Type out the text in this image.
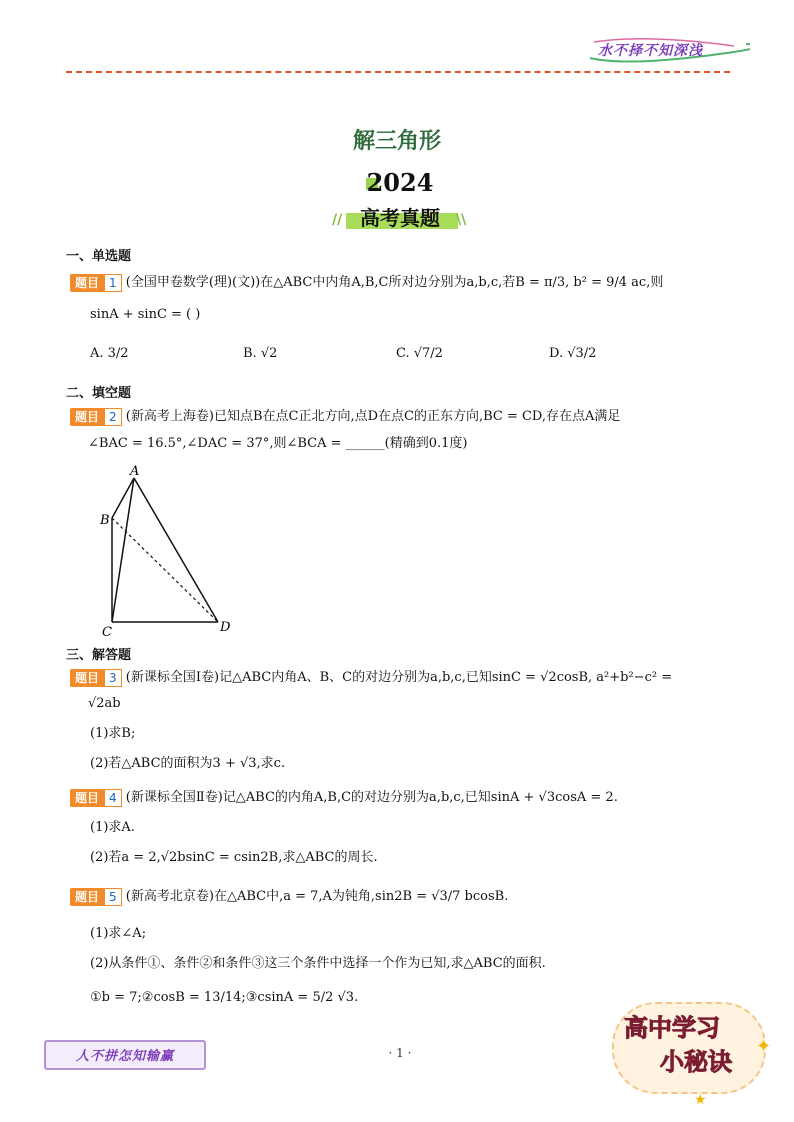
水不择不知深浅
解三角形
2024
// 高考真题	\\
一、单选题
题目 1 (全国甲卷数学(理)(文))在△ABC中内角A,B,C所对边分别为a,b,c,若B = π/3, b² = 9/4 ac,则
sinA + sinC = ( )
A. 3/2	B. √2	C. √7/2	D. √3/2
二、填空题
题目 2 (新高考上海卷)已知点B在点C正北方向,点D在点C的正东方向,BC = CD,存在点A满足
∠BAC = 16.5°,∠DAC = 37°,则∠BCA = ______(精确到0.1度)
A
B
C	D
三、解答题
题目 3 (新课标全国Ⅰ卷)记△ABC内角A、B、C的对边分别为a,b,c,已知sinC = √2cosB, a²+b²−c² =
√2ab
(1)求B;
(2)若△ABC的面积为3 + √3,求c.
题目 4 (新课标全国Ⅱ卷)记△ABC的内角A,B,C的对边分别为a,b,c,已知sinA + √3cosA = 2.
(1)求A.
(2)若a = 2,√2bsinC = csin2B,求△ABC的周长.
题目 5 (新高考北京卷)在△ABC中,a = 7,A为钝角,sin2B = √3/7 bcosB.
(1)求∠A;
(2)从条件①、条件②和条件③这三个条件中选择一个作为已知,求△ABC的面积.
①b = 7;②cosB = 13/14;③csinA = 5/2 √3.
人不拼怎知输赢	· 1 ·
高中学习
小秘诀
✦
★
